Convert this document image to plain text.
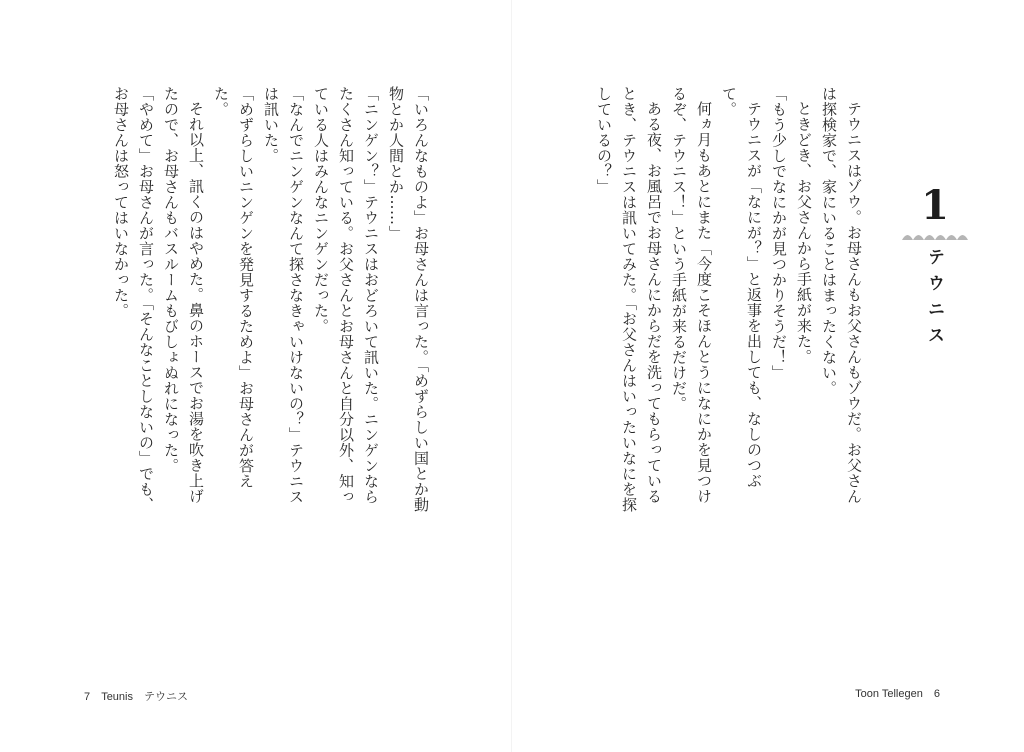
「いろんなものよ」お母さんは言った。「めずらしい国とか動物とか人間とか……」

「ニンゲン？」テウニスはおどろいて訊いた。ニンゲンならたくさん知っている。お父さんとお母さんと自分以外、知っている人はみんなニンゲンだった。

「なんでニンゲンなんて探さなきゃいけないの？」テウニスは訊いた。

「めずらしいニンゲンを発見するためよ」お母さんが答えた。

それ以上、訊くのはやめた。鼻のホースでお湯を吹き上げたので、お母さんもバスルームもびしょぬれになった。

「やめて」お母さんが言った。「そんなことしないの」でも、お母さんは怒ってはいなかった。

7 Teunis テウニス
1
テウニス

テウニスはゾウ。お母さんもお父さんもゾウだ。お父さんは探検家で、家にいることはまったくない。

ときどき、お父さんから手紙が来た。

「もう少しでなにかが見つかりそうだ！」

テウニスが「なにが？」と返事を出しても、なしのつぶて。

何ヵ月もあとにまた「今度こそほんとうになにかを見つけるぞ、テウニス！」という手紙が来るだけだ。

ある夜、お風呂でお母さんにからだを洗ってもらっているとき、テウニスは訊いてみた。「お父さんはいったいなにを探しているの？」

Toon Tellegen 6
